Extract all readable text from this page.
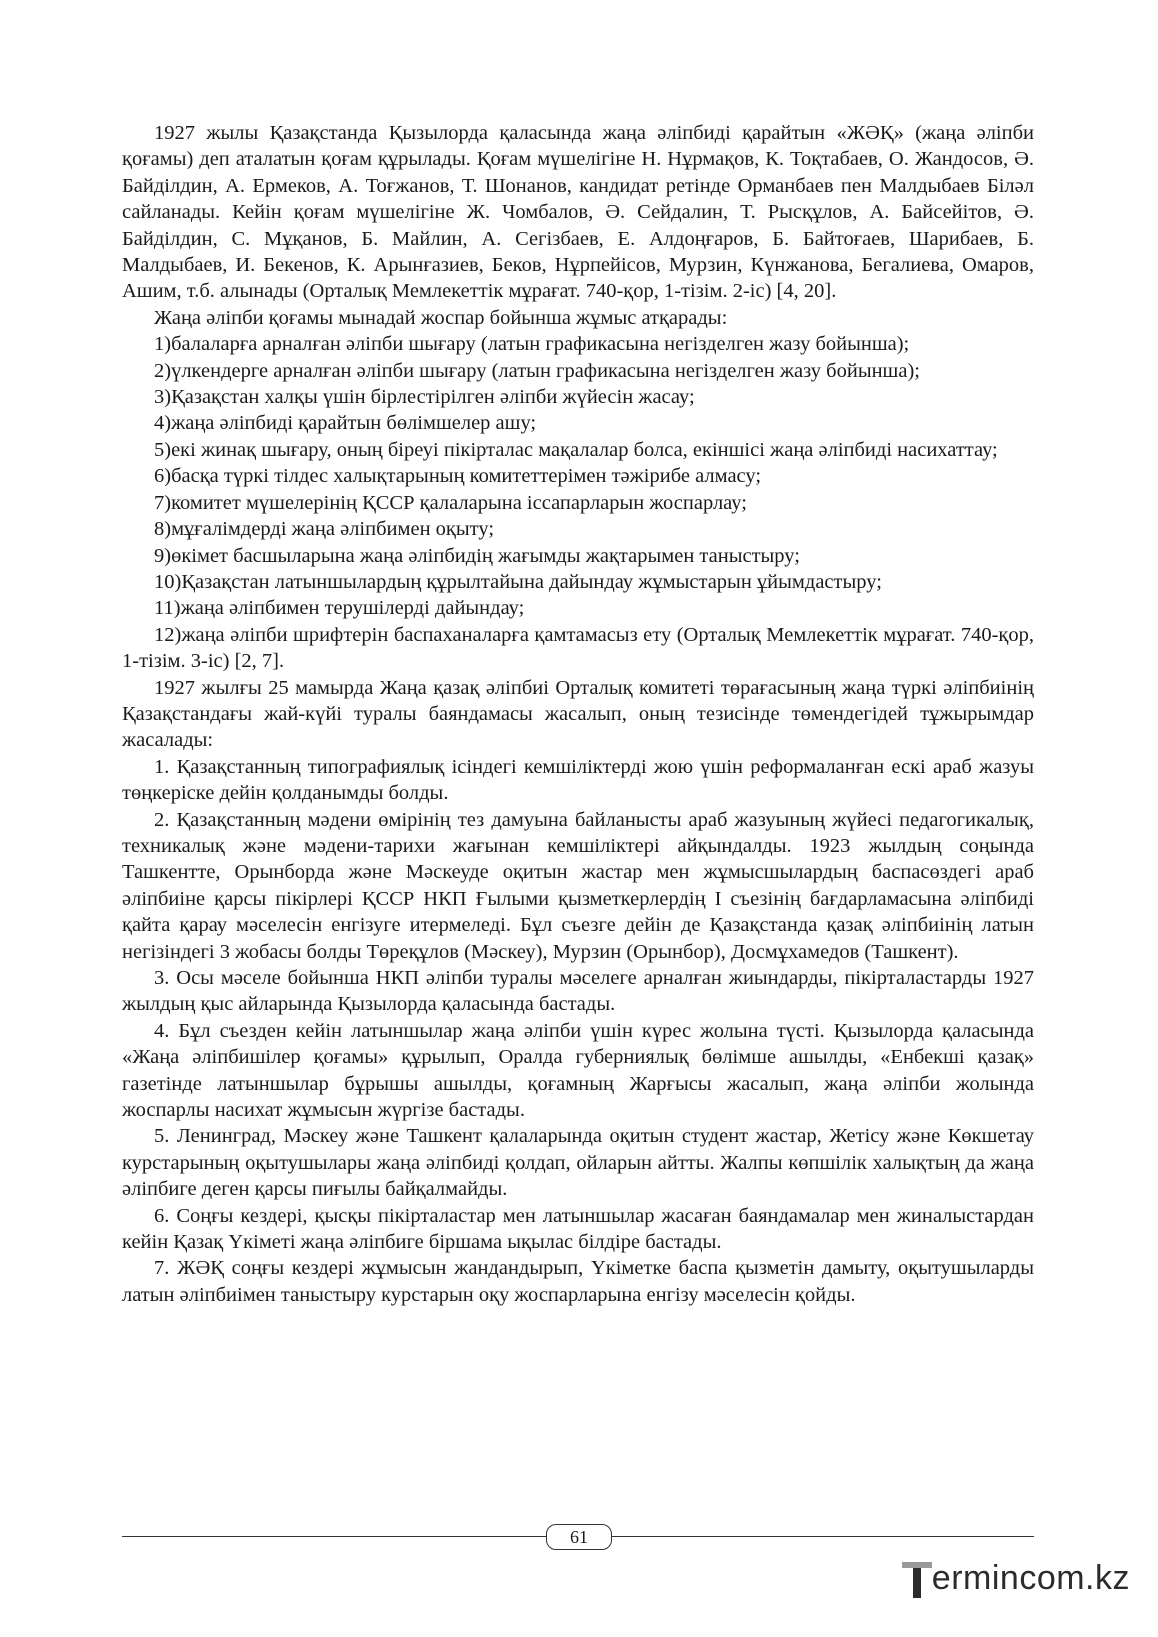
1927 жылы Қазақстанда Қызылорда қаласында жаңа әліпбиді қарайтын «ЖӘҚ» (жаңа әліпби қоғамы) деп аталатын қоғам құрылады. Қоғам мүшелігіне Н. Нұрмақов, К. Тоқтабаев, О. Жандосов, Ә. Байділдин, А. Ермеков, А. Тоғжанов, Т. Шонанов, кандидат ретінде Орманбаев пен Малдыбаев Білəл сайланады. Кейін қоғам мүшелігіне Ж. Чомбалов, Ә. Сейдалин, Т. Рысқұлов, А. Байсейітов, Ә. Байділдин, С. Мұқанов, Б. Майлин, А. Сегізбаев, Е. Алдоңғаров, Б. Байтоғаев, Шарибаев, Б. Малдыбаев, И. Бекенов, К. Арынғазиев, Беков, Нұрпейісов, Мурзин, Күнжанова, Бегалиева, Омаров, Ашим, т.б. алынады (Орталық Мемлекеттік мұрағат. 740-қор, 1-тізім. 2-іс) [4, 20].

Жаңа əліпби қоғамы мынадай жоспар бойынша жұмыс атқарады:

1)балаларға арналған əліпби шығару (латын графикасына негізделген жазу бойынша);

2)үлкендерге арналған əліпби шығару (латын графикасына негізделген жазу бойынша);

3)Қазақстан халқы үшін бірлестірілген əліпби жүйесін жасау;

4)жаңа əліпбиді қарайтын бөлімшелер ашу;

5)екі жинақ шығару, оның біреуі пікірталас мақалалар болса, екіншісі жаңа əліпбиді насихаттау;

6)басқа түркі тілдес халықтарының комитеттерімен тəжірибе алмасу;

7)комитет мүшелерінің ҚССР қалаларына іссапарларын жоспарлау;

8)мұғалімдерді жаңа əліпбимен оқыту;

9)өкімет басшыларына жаңа əліпбидің жағымды жақтарымен таныстыру;

10)Қазақстан латыншылардың құрылтайына дайындау жұмыстарын ұйымдастыру;

11)жаңа əліпбимен терушілерді дайындау;

12)жаңа əліпби шрифтерін баспаханаларға қамтамасыз ету (Орталық Мемлекеттік мұрағат. 740-қор, 1-тізім. 3-іс) [2, 7].

1927 жылғы 25 мамырда Жаңа қазақ əліпбиі Орталық комитеті төрағасының жаңа түркі əліпбиінің Қазақстандағы жай-күйі туралы баяндамасы жасалып, оның тезисінде төмендегідей тұжырымдар жасалады:

1. Қазақстанның типографиялық ісіндегі кемшіліктерді жою үшін реформаланған ескі араб жазуы төңкеріске дейін қолданымды болды.

2. Қазақстанның мəдени өмірінің тез дамуына байланысты араб жазуының жүйесі педагогикалық, техникалық жəне мəдени-тарихи жағынан кемшіліктері айқындалды. 1923 жылдың соңында Ташкентте, Орынборда жəне Мəскеуде оқитын жастар мен жұмысшылардың баспасөздегі араб əліпбиіне қарсы пікірлері ҚССР НКП Ғылыми қызметкерлердің І съезінің бағдарламасына əліпбиді қайта қарау мəселесін енгізуге итермеледі. Бұл съезге дейін де Қазақстанда қазақ əліпбиінің латын негізіндегі 3 жобасы болды Төреқұлов (Мəскеу), Мурзин (Орынбор), Досмұхамедов (Ташкент).

3. Осы мəселе бойынша НКП əліпби туралы мəселеге арналған жиындарды, пікірталастарды 1927 жылдың қыс айларында Қызылорда қаласында бастады.

4. Бұл съезден кейін латыншылар жаңа əліпби үшін күрес жолына түсті. Қызылорда қаласында «Жаңа əліпбишілер қоғамы» құрылып, Оралда губерниялық бөлімше ашылды, «Енбекші қазақ» газетінде латыншылар бұрышы ашылды, қоғамның Жарғысы жасалып, жаңа əліпби жолында жоспарлы насихат жұмысын жүргізе бастады.

5. Ленинград, Мəскеу жəне Ташкент қалаларында оқитын студент жастар, Жетісу жəне Көкшетау курстарының оқытушылары жаңа əліпбиді қолдап, ойларын айтты. Жалпы көпшілік халықтың да жаңа əліпбиге деген қарсы пиғылы байқалмайды.

6. Соңғы кездері, қысқы пікірталастар мен латыншылар жасаған баяндамалар мен жиналыстардан кейін Қазақ Үкіметі жаңа əліпбиге біршама ықылас білдіре бастады.

7. ЖӘҚ соңғы кездері жұмысын жандандырып, Үкіметке баспа қызметін дамыту, оқытушыларды латын əліпбиімен таныстыру курстарын оқу жоспарларына енгізу мəселесін қойды.

61
ermincom.kz
